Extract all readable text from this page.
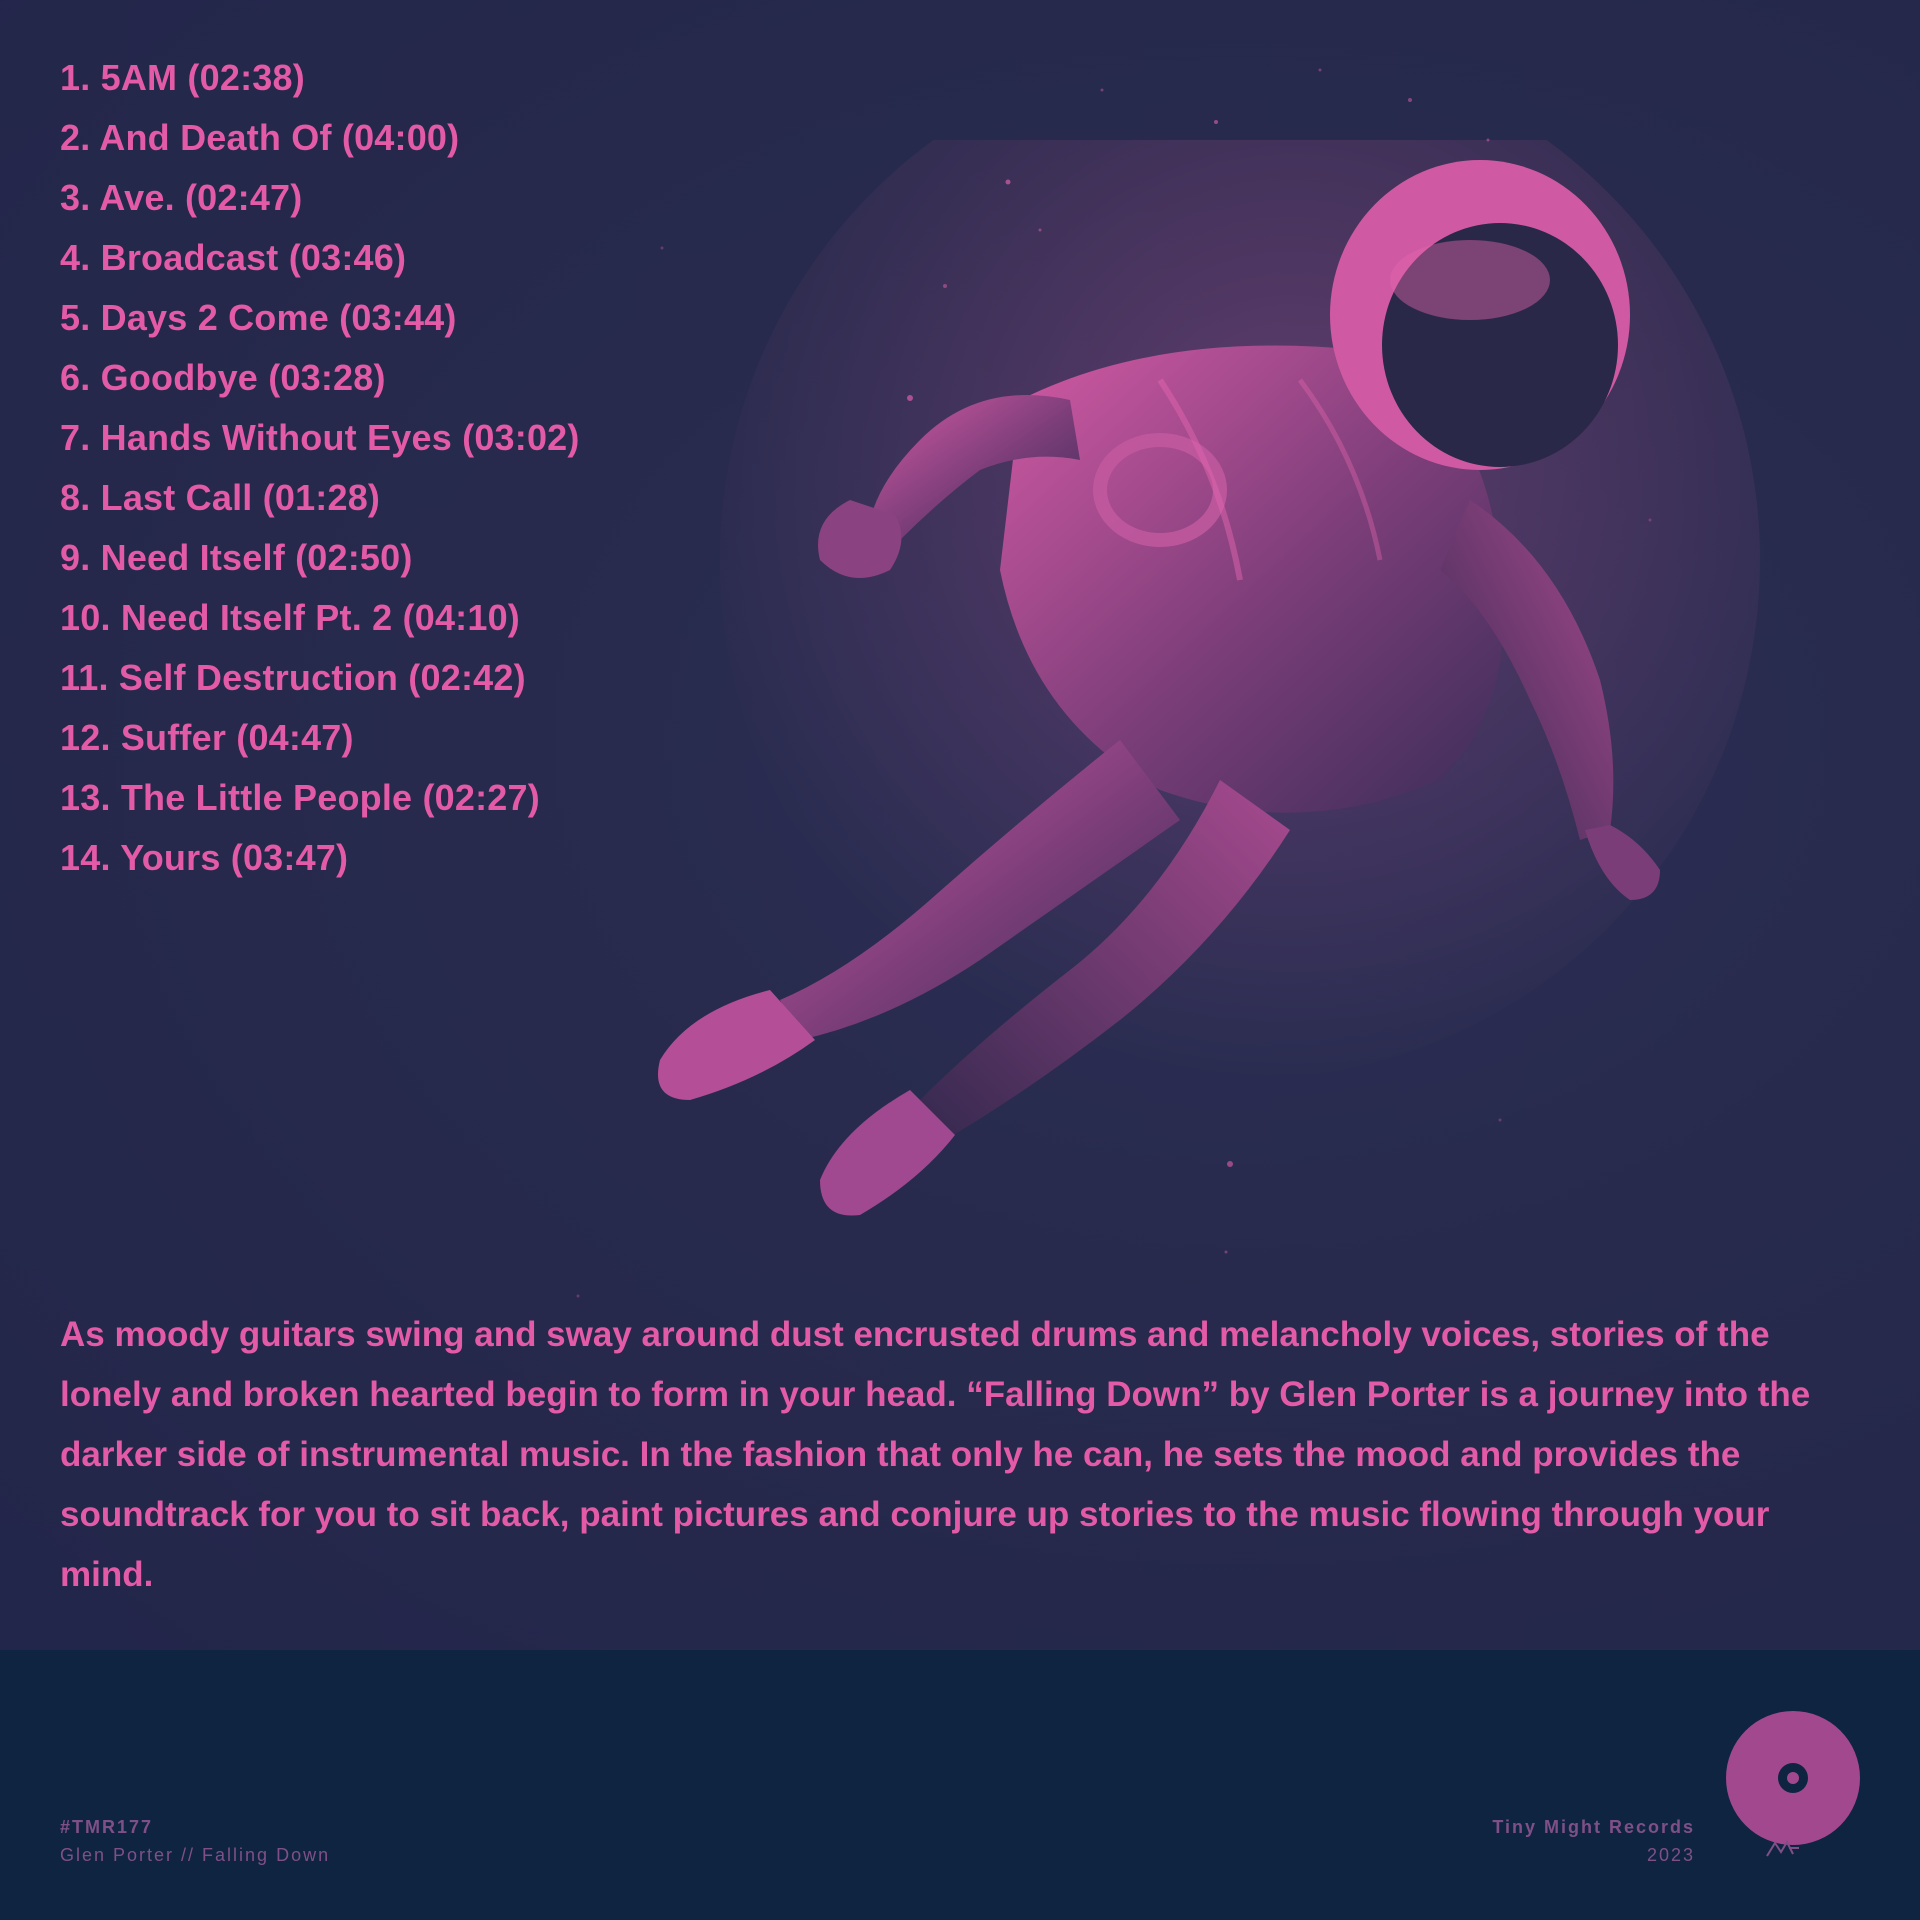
1. 5AM (02:38)
2. And Death Of (04:00)
3. Ave. (02:47)
4. Broadcast (03:46)
5. Days 2 Come (03:44)
6. Goodbye (03:28)
7. Hands Without Eyes (03:02)
8. Last Call (01:28)
9. Need Itself (02:50)
10. Need Itself Pt. 2 (04:10)
11. Self Destruction (02:42)
12. Suffer (04:47)
13. The Little People (02:27)
14. Yours (03:47)

As moody guitars swing and sway around dust encrusted drums and melancholy voices, stories of the lonely and broken hearted begin to form in your head. “Falling Down” by Glen Porter is a journey into the darker side of instrumental music. In the fashion that only he can, he sets the mood and provides the soundtrack for you to sit back, paint pictures and conjure up stories to the music flowing through your mind.

#TMR177
Glen Porter // Falling Down
Tiny Might Records
2023
